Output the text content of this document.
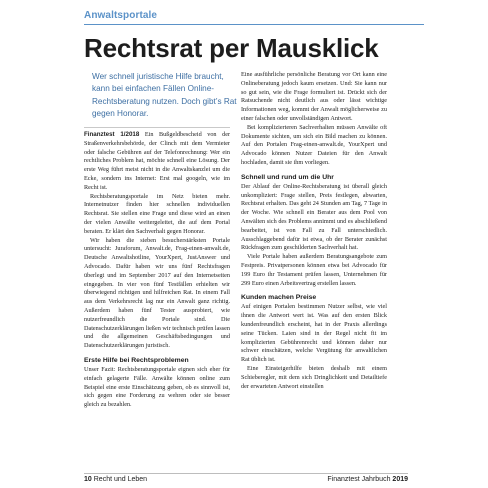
Anwaltsportale
Rechtsrat per Mausklick
Wer schnell juristische Hilfe braucht, kann bei einfachen Fällen Online-Rechtsberatung nutzen. Doch gibt’s Rat gegen Honorar.

Finanztest 1/2018 Ein Bußgeldbescheid von der Straßenverkehrsbehörde, der Clinch mit dem Vermieter oder falsche Gebühren auf der Telefonrechnung: Wer ein rechtliches Problem hat, möchte schnell eine Lösung. Der erste Weg führt meist nicht in die Anwaltskanzlei um die Ecke, sondern ins Internet: Erst mal googeln, wie im Recht ist.

Rechtsberatungsportale im Netz bieten mehr. Internetnutzer finden hier schnellen individuellen Rechtsrat. Sie stellen eine Frage und diese wird an einen der vielen Anwälte weitergeleitet, die auf dem Portal beraten. Er klärt den Sachverhalt gegen Honorar.

Wir haben die sieben besucherstärksten Portale untersucht: Juraforum, Anwalt.de, Frag-einen-anwalt.de, Deutsche Anwaltshotline, YourXpert, JustAnswer und Advocado. Dafür haben wir uns fünf Rechtsfragen überlegt und im September 2017 auf den Internetseiten eingegeben. In vier von fünf Testfällen erhielten wir überwiegend richtigen und hilfreichen Rat. In einem Fall aus dem Verkehrsrecht lag nur ein Anwalt ganz richtig. Außerdem haben fünf Tester ausprobiert, wie nutzerfreundlich die Portale sind. Die Datenschutzerklärungen ließen wir technisch prüfen lassen und die allgemeinen Geschäftsbedingungen und Datenschutzerklärungen juristisch.

Erste Hilfe bei Rechtsproblemen

Unser Fazit: Rechtsberatungsportale eignen sich eher für einfach gelagerte Fälle. Anwälte können online zum Beispiel eine erste Einschätzung geben, ob es sinnvoll ist, sich gegen eine Forderung zu wehren oder sie besser gleich zu bezahlen.

Eine ausführliche persönliche Beratung vor Ort kann eine Onlineberatung jedoch kaum ersetzen. Und: Sie kann nur so gut sein, wie die Frage formuliert ist. Drückt sich der Ratsuchende nicht deutlich aus oder lässt wichtige Informationen weg, kommt der Anwalt möglicherweise zu einer falschen oder unvollständigen Antwort.

Bei komplizierteren Sachverhalten müssen Anwälte oft Dokumente sichten, um sich ein Bild machen zu können. Auf den Portalen Frag-einen-anwalt.de, YourXpert und Advocado können Nutzer Dateien für den Anwalt hochladen, damit sie ihm vorliegen.

Schnell und rund um die Uhr

Der Ablauf der Online-Rechtsberatung ist überall gleich unkompliziert: Frage stellen, Preis festlegen, abwarten, Rechtsrat erhalten. Das geht 24 Stunden am Tag, 7 Tage in der Woche. Wie schnell ein Berater aus dem Pool von Anwälten sich des Problems annimmt und es abschließend bearbeitet, ist von Fall zu Fall unterschiedlich. Ausschlaggebend dafür ist etwa, ob der Berater zunächst Rückfragen zum geschilderten Sachverhalt hat.

Viele Portale haben außerdem Beratungsangebote zum Festpreis. Privatpersonen können etwa bei Advocado für 199 Euro ihr Testament prüfen lassen, Unternehmen für 299 Euro einen Arbeitsvertrag erstellen lassen.

Kunden machen Preise

Auf einigen Portalen bestimmen Nutzer selbst, wie viel ihnen die Antwort wert ist. Was auf den ersten Blick kundenfreundlich erscheint, hat in der Praxis allerdings seine Tücken. Laien sind in der Regel nicht fit im komplizierten Gebührenrecht und können daher nur schwer einschätzen, welche Vergütung für anwaltlichen Rat üblich ist.

Eine Einsteigerhilfe bieten deshalb mit einem Schieberegler, mit dem sich Dringlichkeit und Detailtiefe der erwarteten Antwort einstellen

10 Recht und Leben	Finanztest Jahrbuch 2019
